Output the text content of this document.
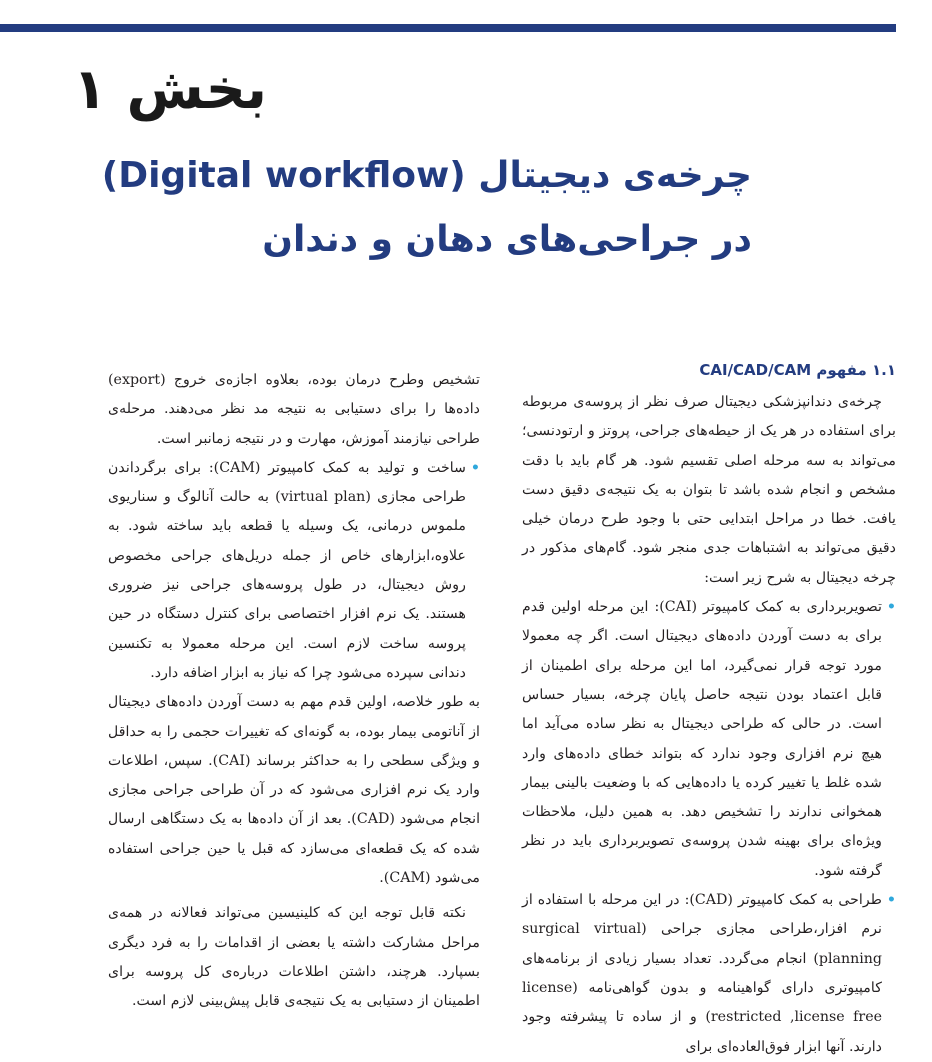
بخش ۱
چرخه‌ی دیجیتال (Digital workflow) در جراحی‌های دهان و دندان
۱.۱ مفهوم CAI/CAD/CAM

چرخه‌ی دندانپزشکی دیجیتال صرف نظر از پروسه‌ی مربوطه برای استفاده در هر یک از حیطه‌های جراحی، پروتز و ارتودنسی؛ می‌تواند به سه مرحله اصلی تقسیم شود. هر گام باید با دقت مشخص و انجام شده باشد تا بتوان به یک نتیجه‌ی دقیق دست یافت. خطا در مراحل ابتدایی حتی با وجود طرح درمان خیلی دقیق می‌تواند به اشتباهات جدی منجر شود. گام‌های مذکور در چرخه دیجیتال به شرح زیر است:

•
تصویربرداری به کمک کامپیوتر (CAI): این مرحله اولین قدم برای به دست آوردن داده‌های دیجیتال است. اگر چه معمولا مورد توجه قرار نمی‌گیرد، اما این مرحله برای اطمینان از قابل اعتماد بودن نتیجه حاصل پایان چرخه، بسیار حساس است. در حالی که طراحی دیجیتال به نظر ساده می‌آید اما هیچ نرم افزاری وجود ندارد که بتواند خطای داده‌های وارد شده غلط یا تغییر کرده یا داده‌هایی که با وضعیت بالینی بیمار همخوانی ندارند را تشخیص دهد. به همین دلیل، ملاحظات ویژه‌ای برای بهینه شدن پروسه‌ی تصویربرداری باید در نظر گرفته شود.

•
طراحی به کمک کامپیوتر (CAD): در این مرحله با استفاده از نرم افزار،طراحی مجازی جراحی (surgical virtual planning) انجام می‌گردد. تعداد بسیار زیادی از برنامه‌های کامپیوتری دارای گواهینامه و بدون گواهی‌نامه (license restricted ,license free) و از ساده تا پیشرفته وجود دارند. آنها ابزار فوق‌العاده‌ای برای

تشخیص وطرح درمان بوده، بعلاوه اجازه‌ی خروج (export) داده‌ها را برای دستیابی به نتیجه مد نظر می‌دهند. مرحله‌ی طراحی نیازمند آموزش، مهارت و در نتیجه زمانبر است.

•
ساخت و تولید به کمک کامپیوتر (CAM): برای برگرداندن طراحی مجازی (virtual plan) به حالت آنالوگ و سناریوی ملموس درمانی، یک وسیله یا قطعه باید ساخته شود. به علاوه،ابزارهای خاص از جمله دریل‌های جراحی مخصوص روش دیجیتال، در طول پروسه‌های جراحی نیز ضروری هستند. یک نرم افزار اختصاصی برای کنترل دستگاه در حین پروسه ساخت لازم است. این مرحله معمولا به تکنسین دندانی سپرده می‌شود چرا که نیاز به ابزار اضافه دارد.

به طور خلاصه، اولین قدم مهم به دست آوردن داده‌های دیجیتال از آناتومی بیمار بوده، به گونه‌ای که تغییرات حجمی را به حداقل و ویژگی سطحی را به حداکثر برساند (CAI). سپس، اطلاعات وارد یک نرم افزاری می‌شود که در آن طراحی جراحی مجازی انجام می‌شود (CAD). بعد از آن داده‌ها به یک دستگاهی ارسال شده که یک قطعه‌ای می‌سازد که قبل یا حین جراحی استفاده می‌شود (CAM).

نکته قابل توجه این که کلینیسین می‌تواند فعالانه در همه‌ی مراحل مشارکت داشته یا بعضی از اقدامات را به فرد دیگری بسپارد. هرچند، داشتن اطلاعات درباره‌ی کل پروسه برای اطمینان از دستیابی به یک نتیجه‌ی قابل پیش‌بینی لازم است.
